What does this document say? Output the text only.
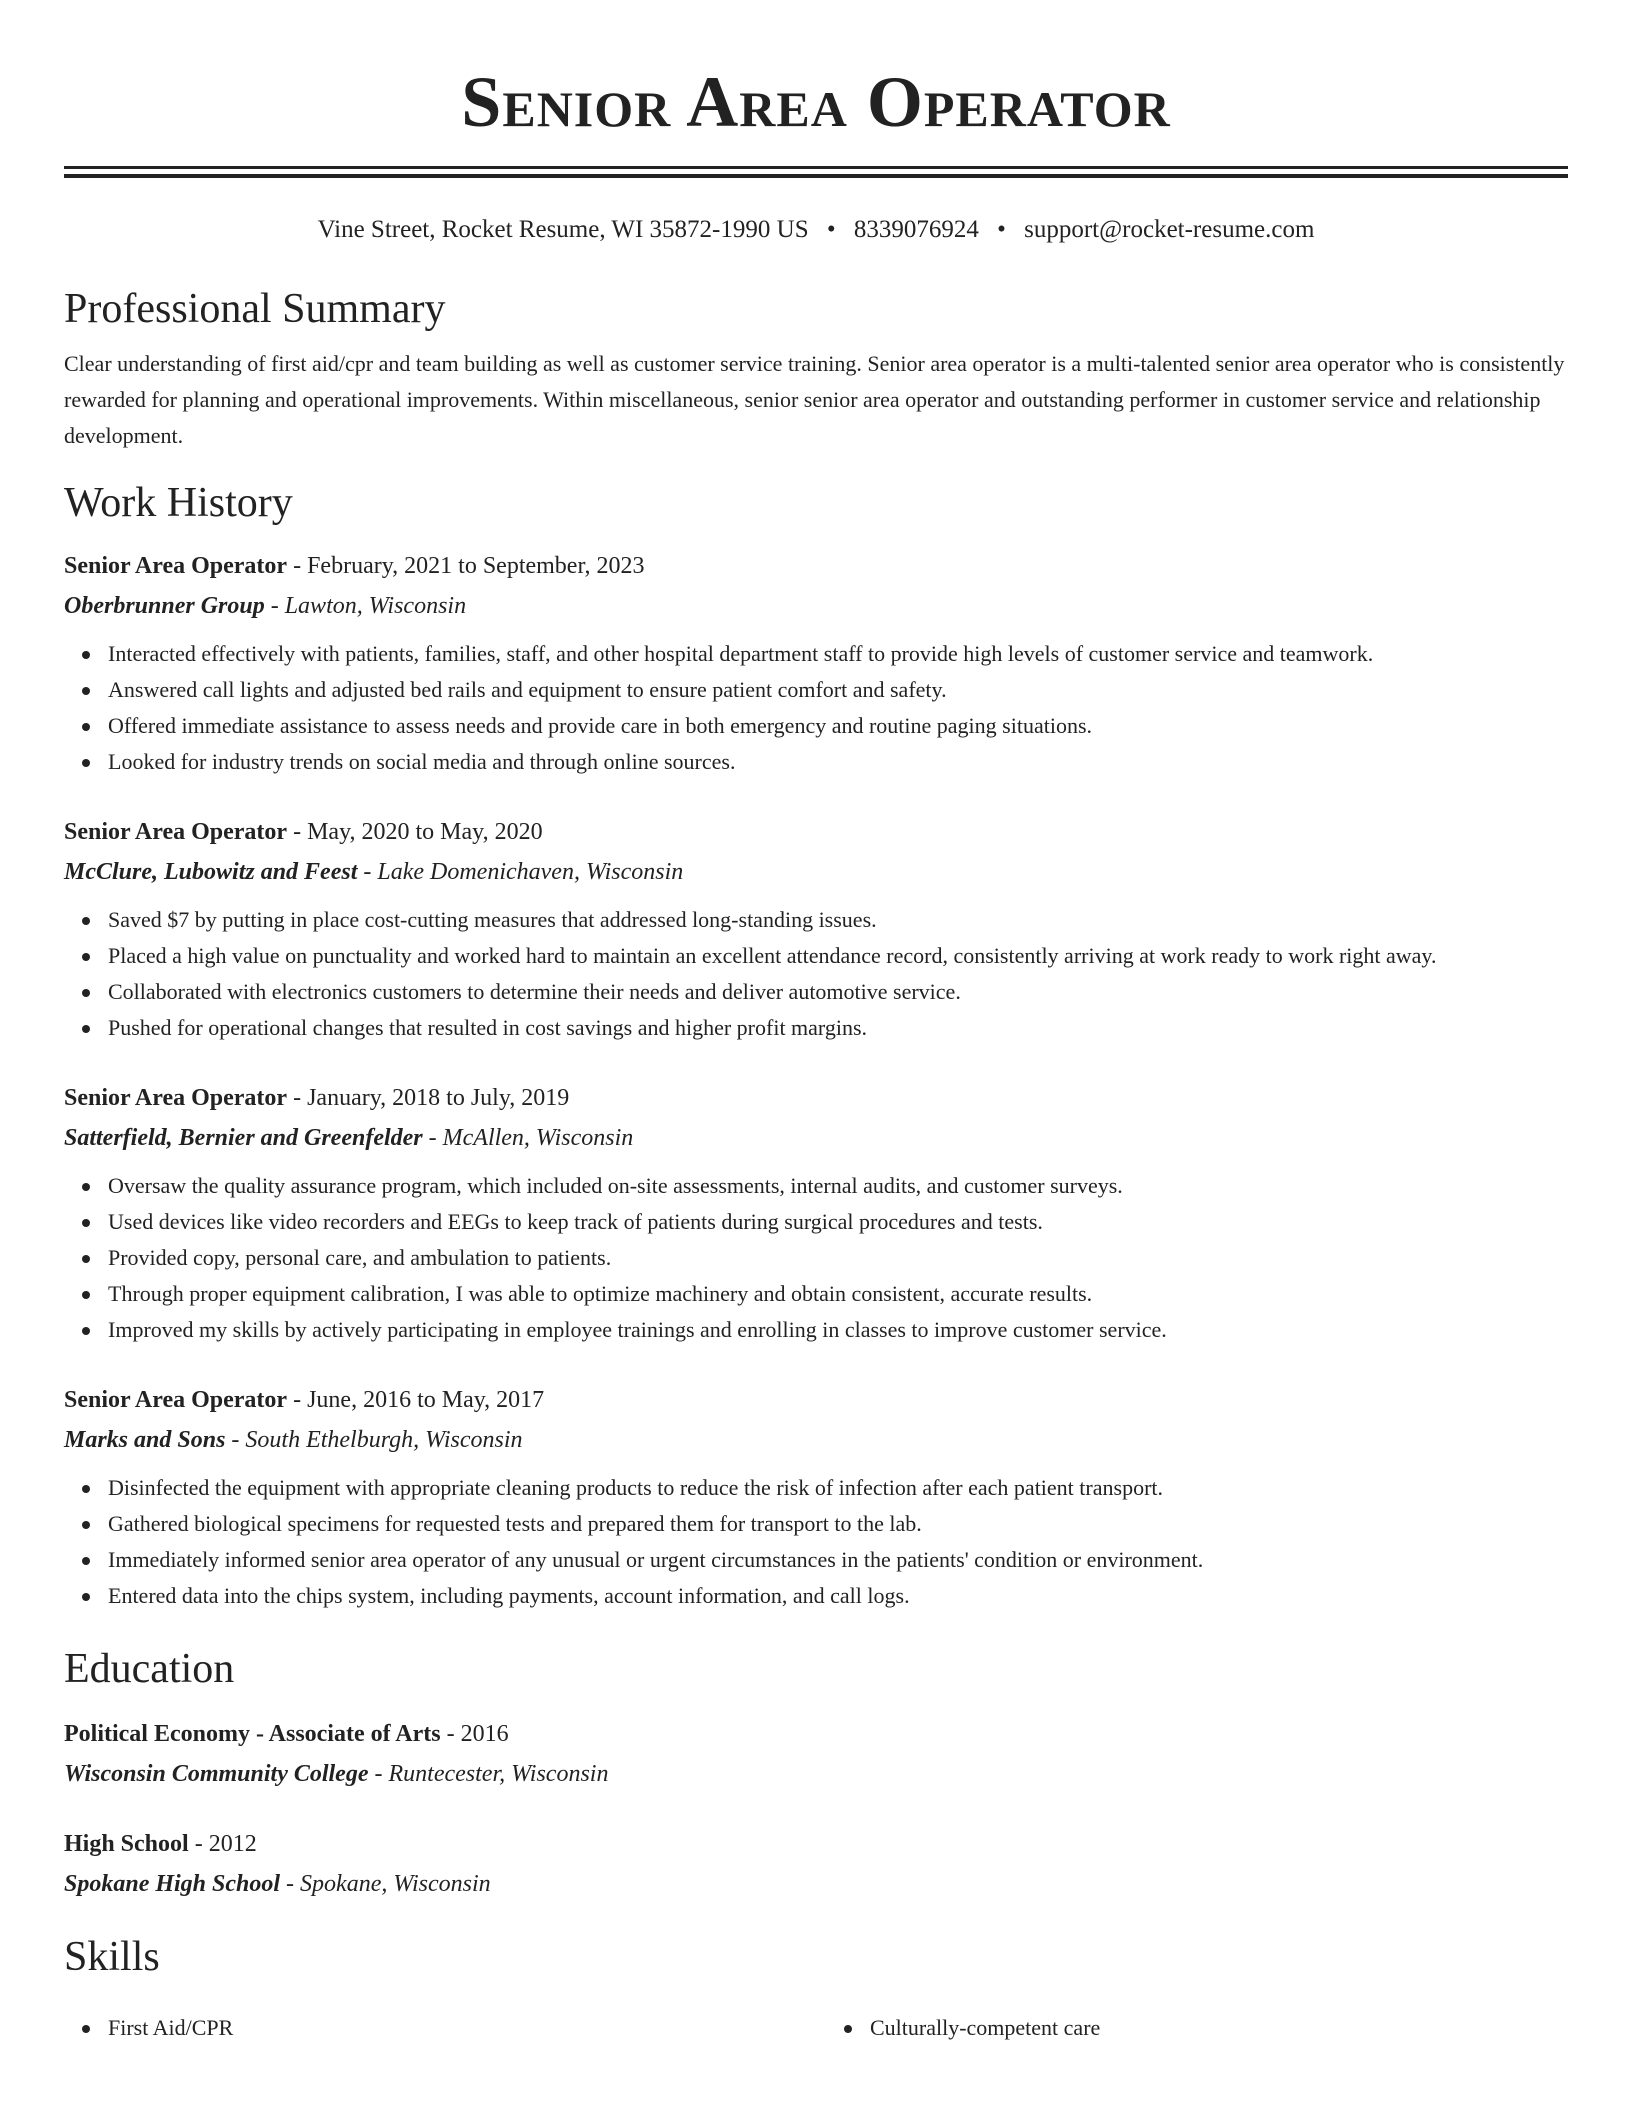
Senior Area Operator
Vine Street, Rocket Resume, WI 35872-1990 US • 8339076924 • support@rocket-resume.com
Professional Summary
Clear understanding of first aid/cpr and team building as well as customer service training. Senior area operator is a multi-talented senior area operator who is consistently rewarded for planning and operational improvements. Within miscellaneous, senior senior area operator and outstanding performer in customer service and relationship development.
Work History
Senior Area Operator - February, 2021 to September, 2023
Oberbrunner Group - Lawton, Wisconsin
Interacted effectively with patients, families, staff, and other hospital department staff to provide high levels of customer service and teamwork.
Answered call lights and adjusted bed rails and equipment to ensure patient comfort and safety.
Offered immediate assistance to assess needs and provide care in both emergency and routine paging situations.
Looked for industry trends on social media and through online sources.
Senior Area Operator - May, 2020 to May, 2020
McClure, Lubowitz and Feest - Lake Domenichaven, Wisconsin
Saved $7 by putting in place cost-cutting measures that addressed long-standing issues.
Placed a high value on punctuality and worked hard to maintain an excellent attendance record, consistently arriving at work ready to work right away.
Collaborated with electronics customers to determine their needs and deliver automotive service.
Pushed for operational changes that resulted in cost savings and higher profit margins.
Senior Area Operator - January, 2018 to July, 2019
Satterfield, Bernier and Greenfelder - McAllen, Wisconsin
Oversaw the quality assurance program, which included on-site assessments, internal audits, and customer surveys.
Used devices like video recorders and EEGs to keep track of patients during surgical procedures and tests.
Provided copy, personal care, and ambulation to patients.
Through proper equipment calibration, I was able to optimize machinery and obtain consistent, accurate results.
Improved my skills by actively participating in employee trainings and enrolling in classes to improve customer service.
Senior Area Operator - June, 2016 to May, 2017
Marks and Sons - South Ethelburgh, Wisconsin
Disinfected the equipment with appropriate cleaning products to reduce the risk of infection after each patient transport.
Gathered biological specimens for requested tests and prepared them for transport to the lab.
Immediately informed senior area operator of any unusual or urgent circumstances in the patients' condition or environment.
Entered data into the chips system, including payments, account information, and call logs.
Education
Political Economy - Associate of Arts - 2016
Wisconsin Community College - Runtecester, Wisconsin
High School - 2012
Spokane High School - Spokane, Wisconsin
Skills
First Aid/CPR	Culturally-competent care
